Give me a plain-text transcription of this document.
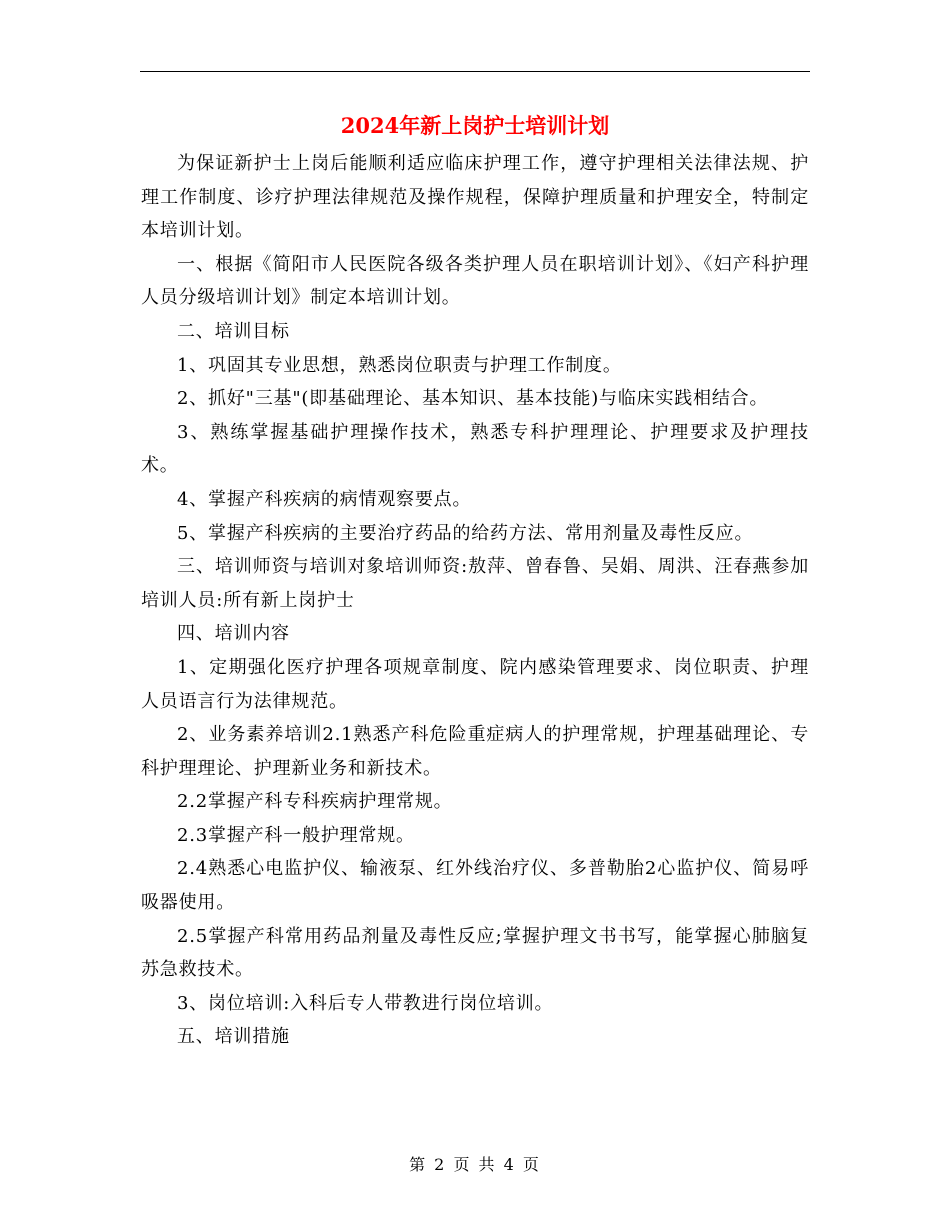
2024年新上岗护士培训计划

为保证新护士上岗后能顺利适应临床护理工作，遵守护理相关法律法规、护理工作制度、诊疗护理法律规范及操作规程，保障护理质量和护理安全，特制定本培训计划。

一、根据《简阳市人民医院各级各类护理人员在职培训计划》、《妇产科护理人员分级培训计划》制定本培训计划。

二、培训目标

1、巩固其专业思想，熟悉岗位职责与护理工作制度。

2、抓好"三基"(即基础理论、基本知识、基本技能)与临床实践相结合。

3、熟练掌握基础护理操作技术，熟悉专科护理理论、护理要求及护理技术。

4、掌握产科疾病的病情观察要点。

5、掌握产科疾病的主要治疗药品的给药方法、常用剂量及毒性反应。

三、培训师资与培训对象培训师资:敖萍、曾春鲁、吴娟、周洪、汪春燕参加培训人员:所有新上岗护士

四、培训内容

1、定期强化医疗护理各项规章制度、院内感染管理要求、岗位职责、护理人员语言行为法律规范。

2、业务素养培训2.1熟悉产科危险重症病人的护理常规，护理基础理论、专科护理理论、护理新业务和新技术。

2.2掌握产科专科疾病护理常规。

2.3掌握产科一般护理常规。

2.4熟悉心电监护仪、输液泵、红外线治疗仪、多普勒胎2心监护仪、简易呼吸器使用。

2.5掌握产科常用药品剂量及毒性反应;掌握护理文书书写，能掌握心肺脑复苏急救技术。

3、岗位培训:入科后专人带教进行岗位培训。

五、培训措施

第 2 页 共 4 页
